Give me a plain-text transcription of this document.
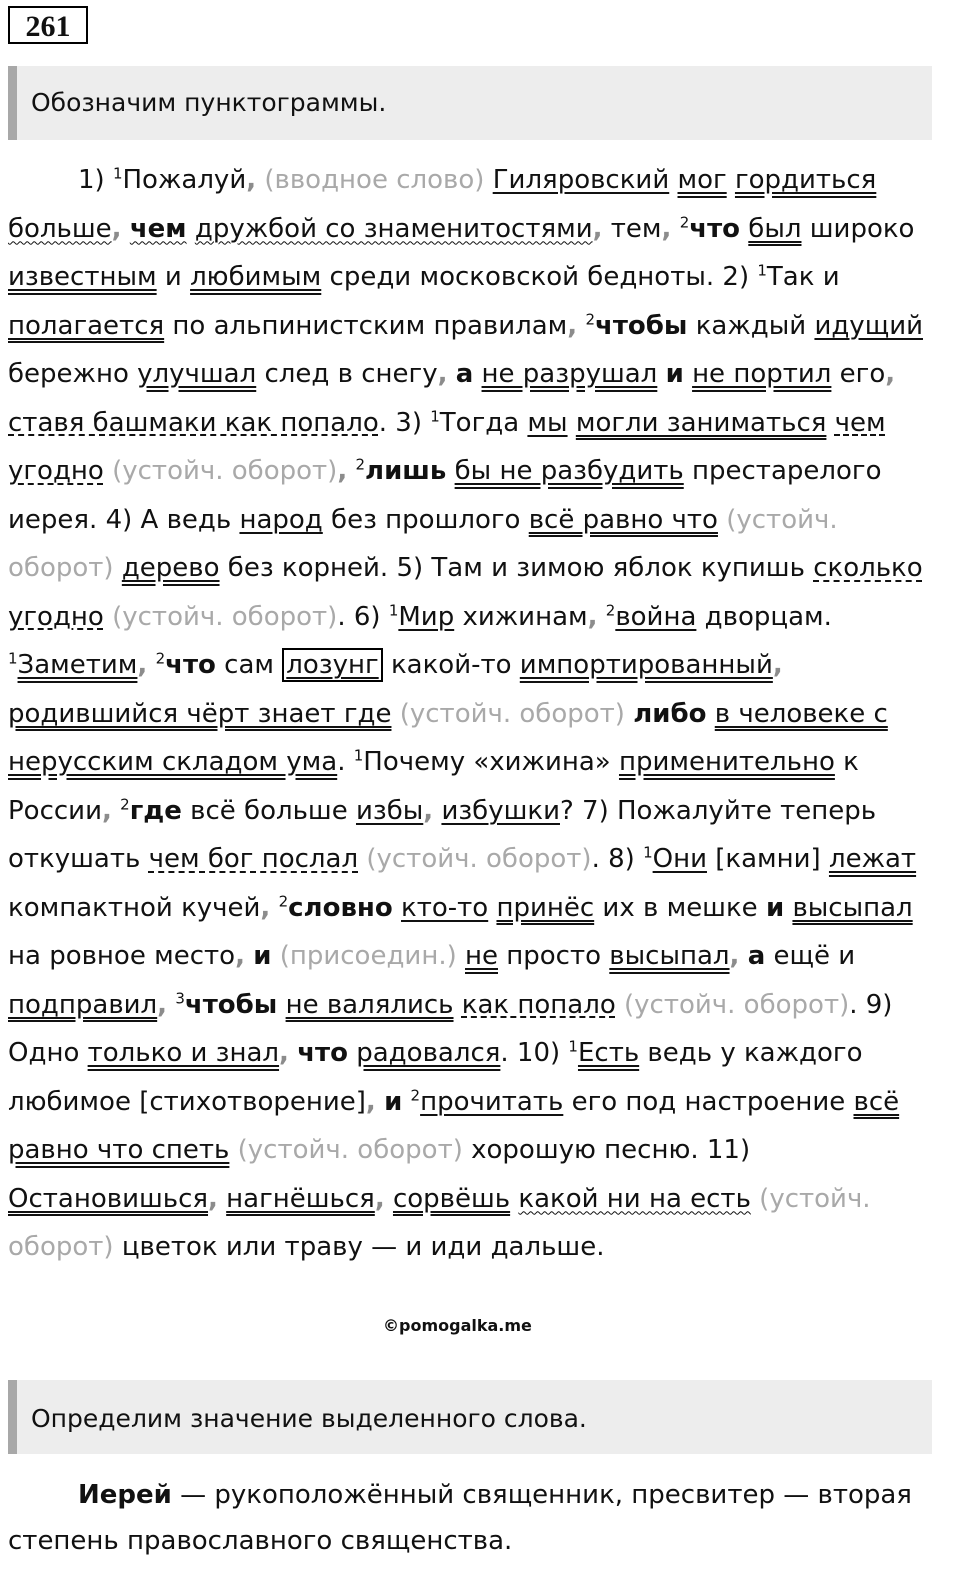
261
Обозначим пунктограммы.
1) $^1$Пожалуй, (вводное слово) Гиляровский мог гордиться больше, чем дружбой со знаменитостями, тем, $^2$что был широко известным и любимым среди московской бедноты. 2) $^1$Так и полагается по альпинистским правилам, $^2$чтобы каждый идущий бережно улучшал след в снегу, а не разрушал и не портил его, ставя башмаки как попало. 3) $^1$Тогда мы могли заниматься чем угодно (устойч. оборот), $^2$лишь бы не разбудить престарелого иерея. 4) А ведь народ без прошлого всё равно что (устойч. оборот) дерево без корней. 5) Там и зимою яблок купишь сколько угодно (устойч. оборот). 6) $^1$Мир хижинам, $^2$война дворцам. $^1$Заметим, $^2$что сам лозунг какой-то импортированный, родившийся чёрт знает где (устойч. оборот) либо в человеке с нерусским складом ума. $^1$Почему «хижина» применительно к России, $^2$где всё больше избы, избушки? 7) Пожалуйте теперь откушать чем бог послал (устойч. оборот). 8) $^1$Они [камни] лежат компактной кучей, $^2$словно кто-то принёс их в мешке и высыпал на ровное место, и (присоедин.) не просто высыпал, а ещё и подправил, $^3$чтобы не валялись как попало (устойч. оборот). 9) Одно только и знал, что радовался. 10) $^1$Есть ведь у каждого любимое [стихотворение], и $^2$прочитать его под настроение всё равно что спеть (устойч. оборот) хорошую песню. 11) Остановишься, нагнёшься, сорвёшь какой ни на есть (устойч. оборот) цветок или траву — и иди дальше.
©pomogalka.me
Определим значение выделенного слова.
Иерей — рукоположённый священник, пресвитер — вторая степень православного священства.
